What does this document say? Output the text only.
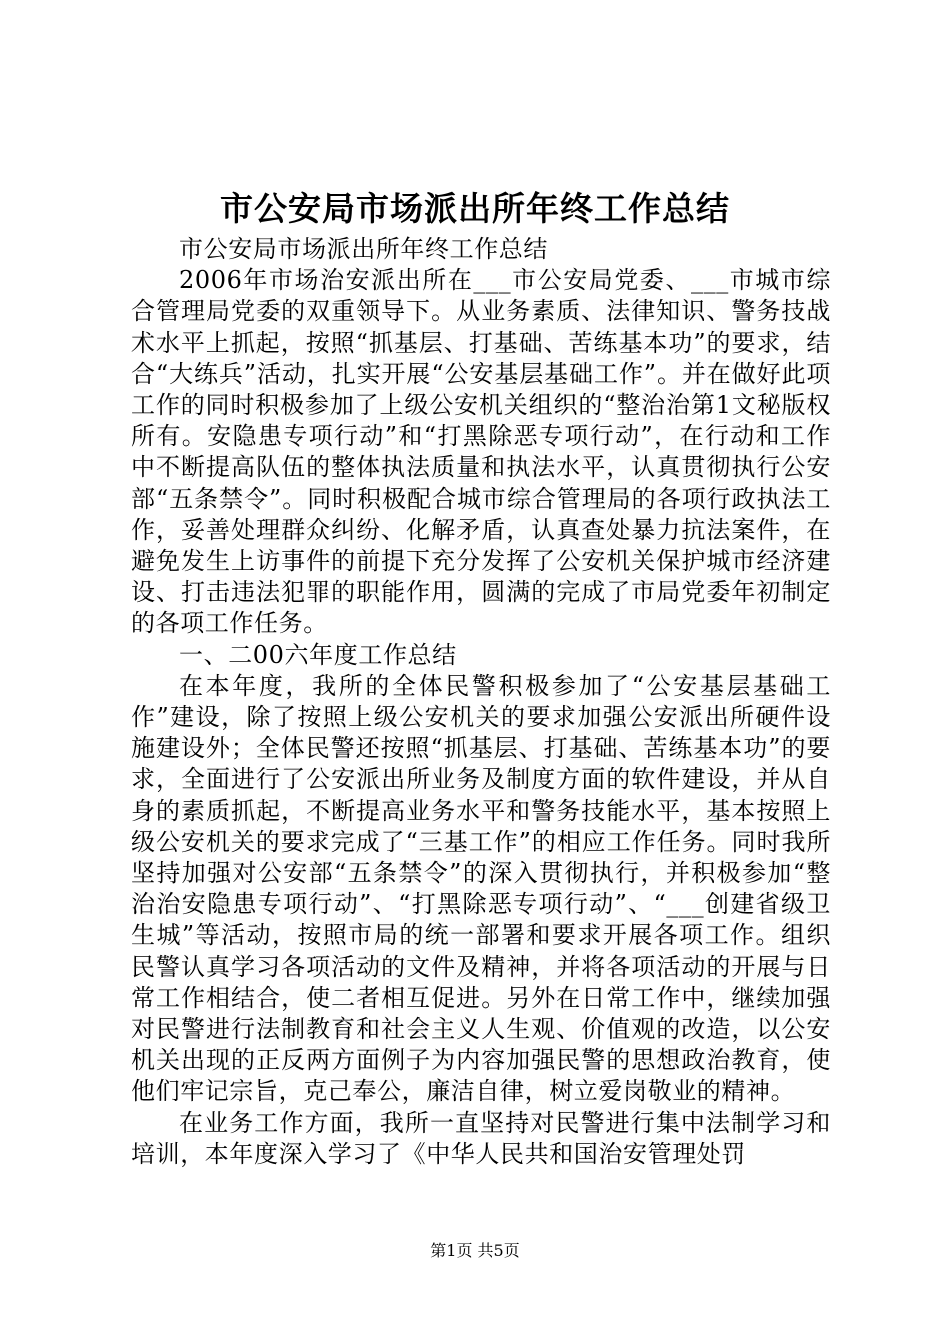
市公安局市场派出所年终工作总结

市公安局市场派出所年终工作总结

2006年市场治安派出所在___市公安局党委、___市城市综合管理局党委的双重领导下。从业务素质、法律知识、警务技战术水平上抓起，按照“抓基层、打基础、苦练基本功”的要求，结合“大练兵”活动，扎实开展“公安基层基础工作”。并在做好此项工作的同时积极参加了上级公安机关组织的“整治治第1文秘版权所有。安隐患专项行动”和“打黑除恶专项行动”，在行动和工作中不断提高队伍的整体执法质量和执法水平，认真贯彻执行公安部“五条禁令”。同时积极配合城市综合管理局的各项行政执法工作，妥善处理群众纠纷、化解矛盾，认真查处暴力抗法案件，在避免发生上访事件的前提下充分发挥了公安机关保护城市经济建设、打击违法犯罪的职能作用，圆满的完成了市局党委年初制定的各项工作任务。

一、二00六年度工作总结

在本年度，我所的全体民警积极参加了“公安基层基础工作”建设，除了按照上级公安机关的要求加强公安派出所硬件设施建设外；全体民警还按照“抓基层、打基础、苦练基本功”的要求，全面进行了公安派出所业务及制度方面的软件建设，并从自身的素质抓起，不断提高业务水平和警务技能水平，基本按照上级公安机关的要求完成了“三基工作”的相应工作任务。同时我所坚持加强对公安部“五条禁令”的深入贯彻执行，并积极参加“整治治安隐患专项行动”、“打黑除恶专项行动”、“___创建省级卫生城”等活动，按照市局的统一部署和要求开展各项工作。组织民警认真学习各项活动的文件及精神，并将各项活动的开展与日常工作相结合，使二者相互促进。另外在日常工作中，继续加强对民警进行法制教育和社会主义人生观、价值观的改造，以公安机关出现的正反两方面例子为内容加强民警的思想政治教育，使他们牢记宗旨，克己奉公，廉洁自律，树立爱岗敬业的精神。

在业务工作方面，我所一直坚持对民警进行集中法制学习和培训，本年度深入学习了《中华人民共和国治安管理处罚

第1页 共5页
